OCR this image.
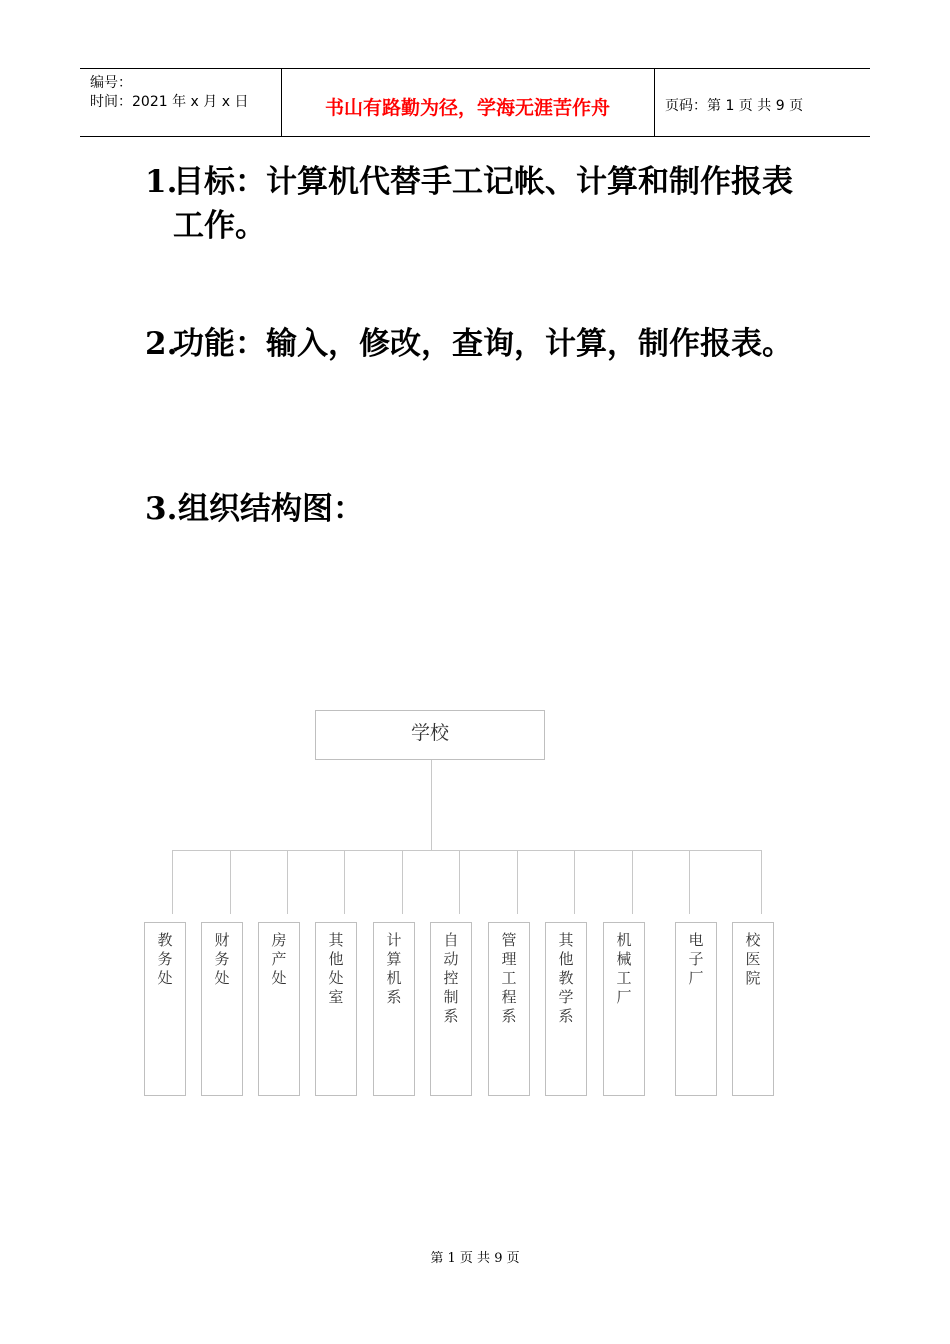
编号：
时间：2021 年 x 月 x 日	书山有路勤为径，学海无涯苦作舟	页码：第 1 页 共 9 页
1.
目标：计算机代替手工记帐、计算和制作报表工作。
2.
功能：输入，修改，查询，计算，制作报表。
3. 组织结构图：
学校
教务处
财务处
房产处
其他处室
计算机系
自动控制系
管理工程系
其他教学系
机械工厂
电子厂
校医院
第 1 页 共 9 页
